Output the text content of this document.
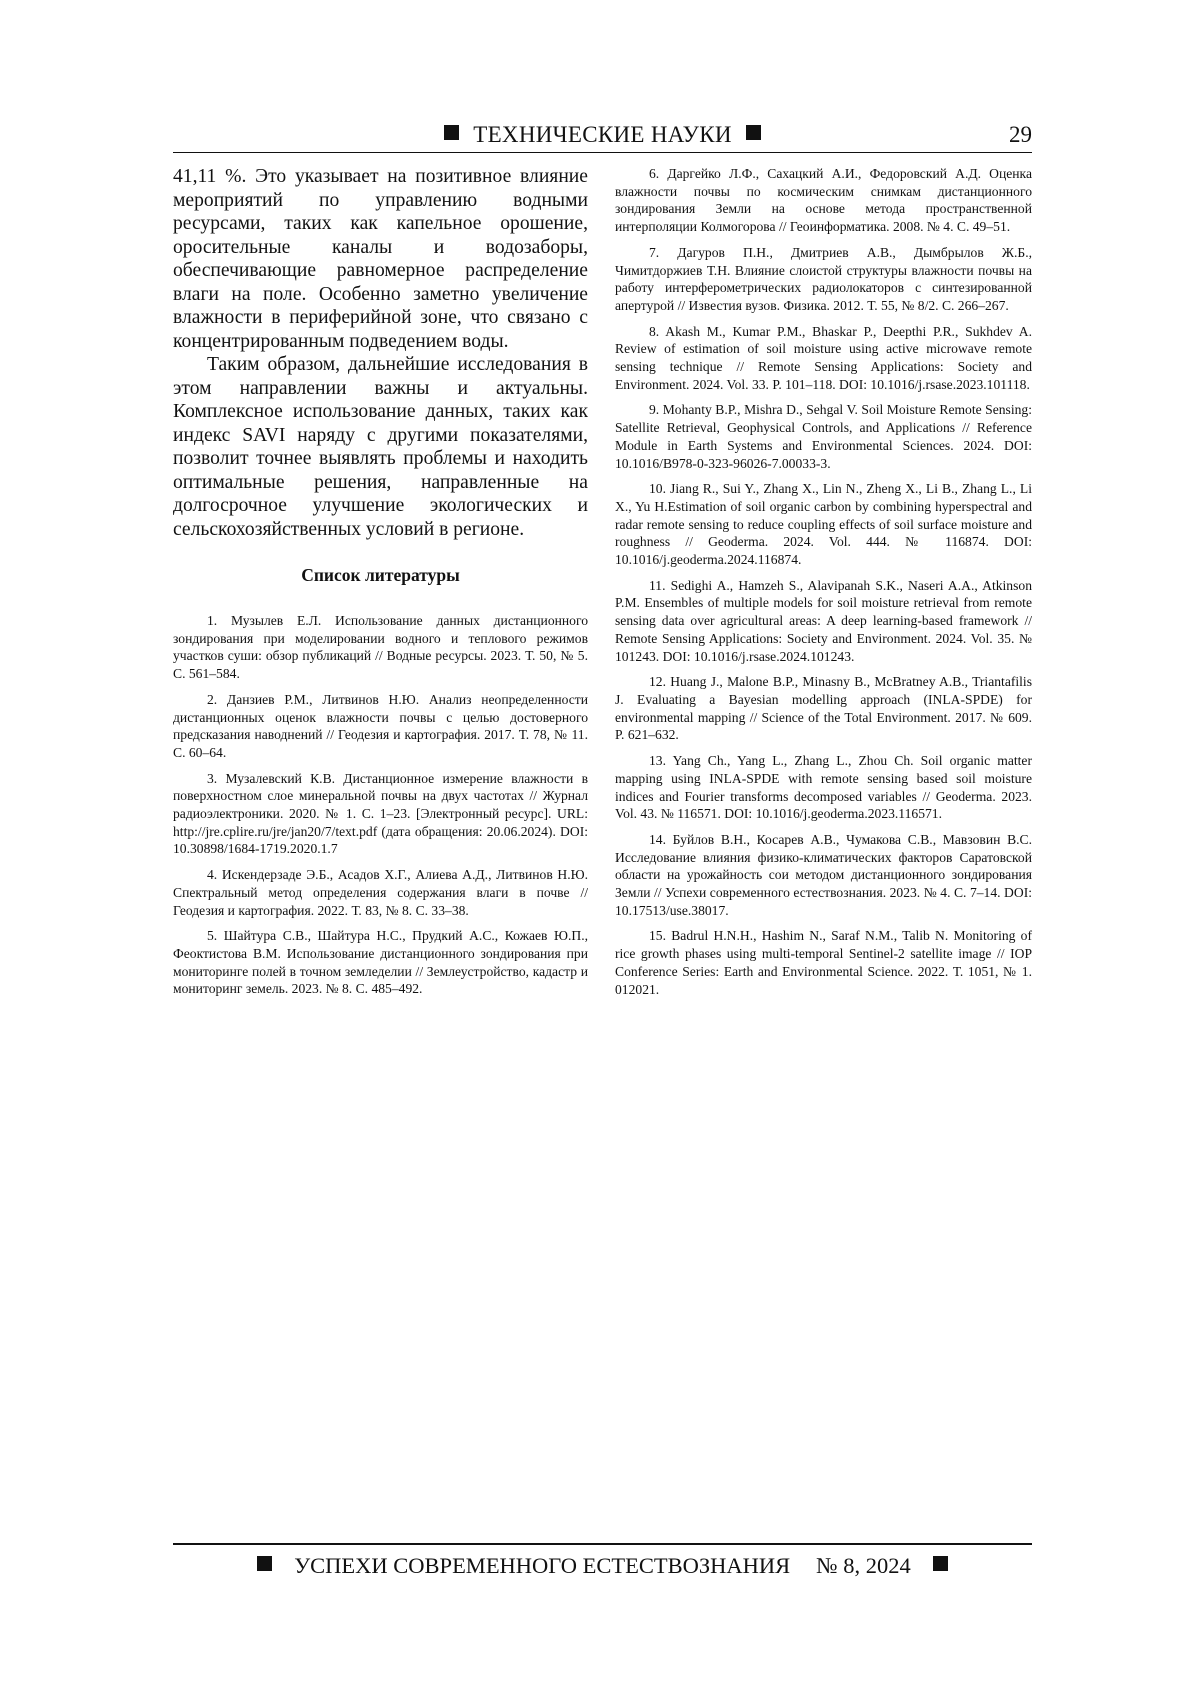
ТЕХНИЧЕСКИЕ НАУКИ	29

41,11 %. Это указывает на позитивное влияние мероприятий по управлению водными ресурсами, таких как капельное орошение, оросительные каналы и водозаборы, обеспечивающие равномерное распределение влаги на поле. Особенно заметно увеличение влажности в периферийной зоне, что связано с концентрированным подведением воды.

Таким образом, дальнейшие исследования в этом направлении важны и актуальны. Комплексное использование данных, таких как индекс SAVI наряду с другими показателями, позволит точнее выявлять проблемы и находить оптимальные решения, направленные на долгосрочное улучшение экологических и сельскохозяйственных условий в регионе.

Список литературы

1. Музылев Е.Л. Использование данных дистанционного зондирования при моделировании водного и теплового режимов участков суши: обзор публикаций // Водные ресурсы. 2023. Т. 50, № 5. С. 561–584.

2. Данзиев Р.М., Литвинов Н.Ю. Анализ неопределенности дистанционных оценок влажности почвы с целью достоверного предсказания наводнений // Геодезия и картография. 2017. Т. 78, № 11. С. 60–64.

3. Музалевский К.В. Дистанционное измерение влажности в поверхностном слое минеральной почвы на двух частотах // Журнал радиоэлектроники. 2020. № 1. С. 1–23. [Электронный ресурс]. URL: http://jre.cplire.ru/jre/jan20/7/text.pdf (дата обращения: 20.06.2024). DOI: 10.30898/1684-1719.2020.1.7

4. Искендерзаде Э.Б., Асадов Х.Г., Алиева А.Д., Литвинов Н.Ю. Спектральный метод определения содержания влаги в почве // Геодезия и картография. 2022. Т. 83, № 8. С. 33–38.

5. Шайтура С.В., Шайтура Н.С., Прудкий А.С., Кожаев Ю.П., Феоктистова В.М. Использование дистанционного зондирования при мониторинге полей в точном земледелии // Землеустройство, кадастр и мониторинг земель. 2023. № 8. С. 485–492.

6. Даргейко Л.Ф., Сахацкий А.И., Федоровский А.Д. Оценка влажности почвы по космическим снимкам дистанционного зондирования Земли на основе метода пространственной интерполяции Колмогорова // Геоинформатика. 2008. № 4. С. 49–51.

7. Дагуров П.Н., Дмитриев А.В., Дымбрылов Ж.Б., Чимитдоржиев Т.Н. Влияние слоистой структуры влажности почвы на работу интерферометрических радиолокаторов с синтезированной апертурой // Известия вузов. Физика. 2012. Т. 55, № 8/2. С. 266–267.

8. Akash M., Kumar P.M., Bhaskar P., Deepthi P.R., Sukhdev A. Review of estimation of soil moisture using active microwave remote sensing technique // Remote Sensing Applications: Society and Environment. 2024. Vol. 33. P. 101–118. DOI: 10.1016/j.rsase.2023.101118.

9. Mohanty B.P., Mishra D., Sehgal V. Soil Moisture Remote Sensing: Satellite Retrieval, Geophysical Controls, and Applications // Reference Module in Earth Systems and Environmental Sciences. 2024. DOI: 10.1016/B978-0-323-96026-7.00033-3.

10. Jiang R., Sui Y., Zhang X., Lin N., Zheng X., Li B., Zhang L., Li X., Yu H.Estimation of soil organic carbon by combining hyperspectral and radar remote sensing to reduce coupling effects of soil surface moisture and roughness // Geoderma. 2024. Vol. 444. № 116874. DOI: 10.1016/j.geoderma.2024.116874.

11. Sedighi A., Hamzeh S., Alavipanah S.K., Naseri A.A., Atkinson P.M. Ensembles of multiple models for soil moisture retrieval from remote sensing data over agricultural areas: A deep learning-based framework // Remote Sensing Applications: Society and Environment. 2024. Vol. 35. № 101243. DOI: 10.1016/j.rsase.2024.101243.

12. Huang J., Malone B.P., Minasny B., McBratney A.B., Triantafilis J. Evaluating a Bayesian modelling approach (INLA-SPDE) for environmental mapping // Science of the Total Environment. 2017. № 609. P. 621–632.

13. Yang Ch., Yang L., Zhang L., Zhou Ch. Soil organic matter mapping using INLA-SPDE with remote sensing based soil moisture indices and Fourier transforms decomposed variables // Geoderma. 2023. Vol. 43. № 116571. DOI: 10.1016/j.geoderma.2023.116571.

14. Буйлов В.Н., Косарев А.В., Чумакова С.В., Мавзовин В.С. Исследование влияния физико-климатических факторов Саратовской области на урожайность сои методом дистанционного зондирования Земли // Успехи современного естествознания. 2023. № 4. С. 7–14. DOI: 10.17513/use.38017.

15. Badrul H.N.H., Hashim N., Saraf N.M., Talib N. Monitoring of rice growth phases using multi-temporal Sentinel-2 satellite image // IOP Conference Series: Earth and Environmental Science. 2022. Т. 1051, № 1. 012021.

УСПЕХИ СОВРЕМЕННОГО ЕСТЕСТВОЗНАНИЯ № 8, 2024
